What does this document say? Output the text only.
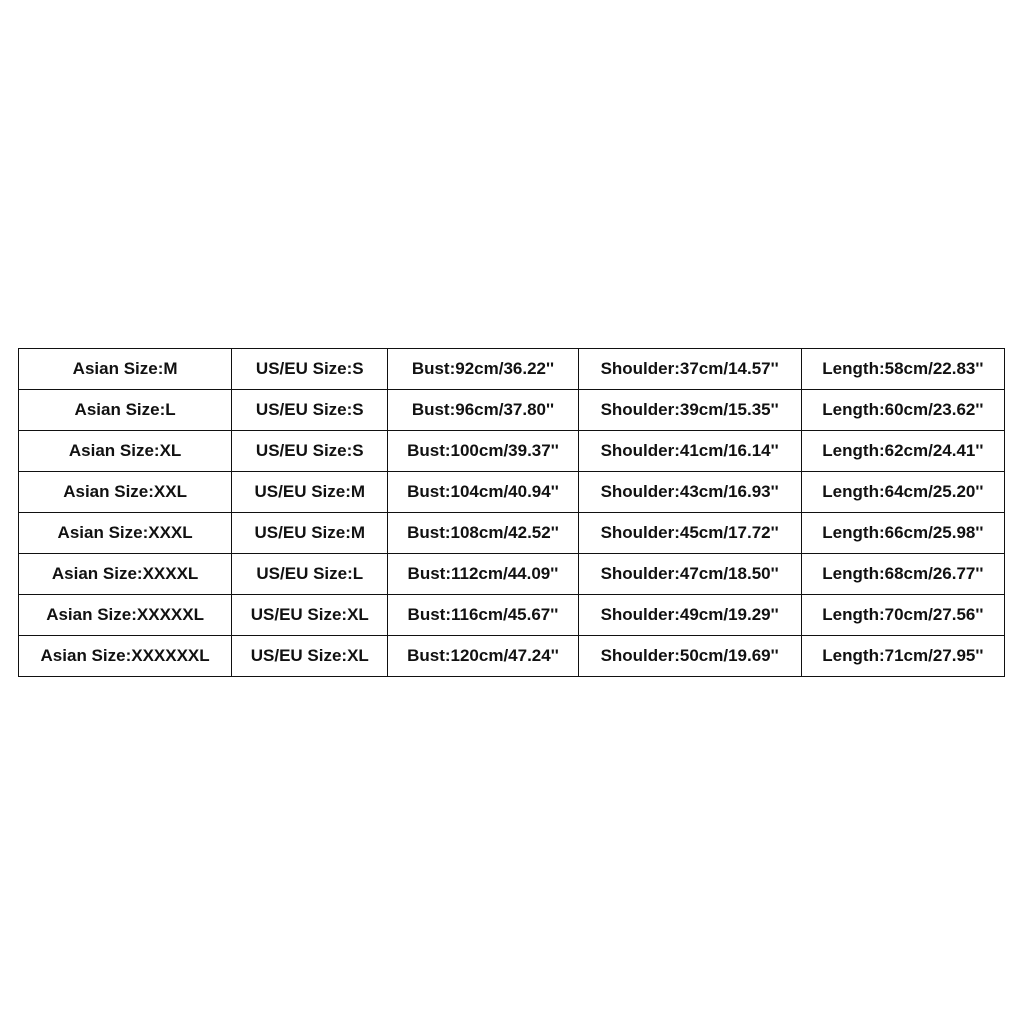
Asian Size:M	US/EU Size:S	Bust:92cm/36.22''	Shoulder:37cm/14.57''	Length:58cm/22.83''
Asian Size:L	US/EU Size:S	Bust:96cm/37.80''	Shoulder:39cm/15.35''	Length:60cm/23.62''
Asian Size:XL	US/EU Size:S	Bust:100cm/39.37''	Shoulder:41cm/16.14''	Length:62cm/24.41''
Asian Size:XXL	US/EU Size:M	Bust:104cm/40.94''	Shoulder:43cm/16.93''	Length:64cm/25.20''
Asian Size:XXXL	US/EU Size:M	Bust:108cm/42.52''	Shoulder:45cm/17.72''	Length:66cm/25.98''
Asian Size:XXXXL	US/EU Size:L	Bust:112cm/44.09''	Shoulder:47cm/18.50''	Length:68cm/26.77''
Asian Size:XXXXXL	US/EU Size:XL	Bust:116cm/45.67''	Shoulder:49cm/19.29''	Length:70cm/27.56''
Asian Size:XXXXXXL	US/EU Size:XL	Bust:120cm/47.24''	Shoulder:50cm/19.69''	Length:71cm/27.95''
